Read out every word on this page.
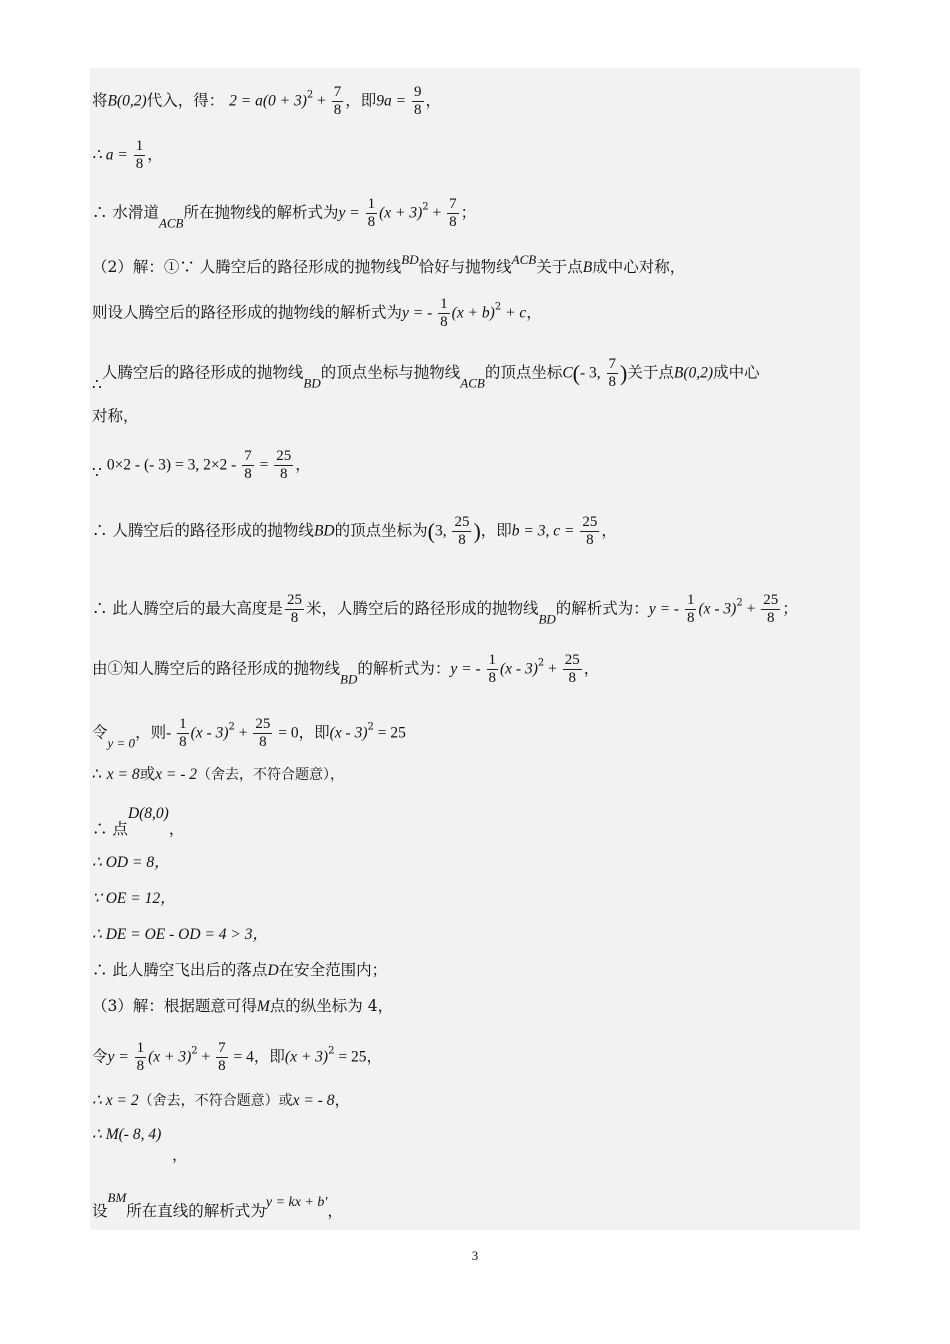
将B(0,2)代入，得： $2 = a(0 + 3)^2 + \frac{7}{8}$ ，即$9a = \frac{9}{8}$ ，
∴ $a = \frac{1}{8}$ ，
∴ 水滑道$_{ACB}$所在抛物线的解析式为$y = \frac{1}{8} (x + 3)^2 + \frac{7}{8}$ ；
（2）解：①∵ 人腾空后的路径形成的抛物线$^{BD}$恰好与抛物线$^{ACB}$关于点B成中心对称，
则设人腾空后的路径形成的抛物线的解析式为y = - $\frac{1}{8} (x + b)^2 + c$，
∴人腾空后的路径形成的抛物线$_{BD}$的顶点坐标与抛物线$_{ACB}$的顶点坐标C(- 3, $\frac{7}{8}$ )关于点B(0,2)成中心
对称，
∵ 0×2 - (- 3) = 3, $2\times 2 - \frac{7}{8} = \frac{25}{8}$ ，
∴ 人腾空后的路径形成的抛物线BD的顶点坐标为(3, $\frac{25}{8}$ )，即b = 3, $c = \frac{25}{8}$ ，
∴ 此人腾空后的最大高度是 $\frac{25}{8}$ 米，人腾空后的路径形成的抛物线$_{BD}$的解析式为：y = - $\frac{1}{8} (x - 3)^2 + \frac{25}{8}$ ；
由①知人腾空后的路径形成的抛物线$_{BD}$的解析式为：y = - $\frac{1}{8} (x - 3)^2 + \frac{25}{8}$ ，
令$_{y = 0}$，则- $\frac{1}{8} (x - 3)^2 + \frac{25}{8} = 0$，即(x - 3)$^2$ = 25
∴ x = 8或x = - 2（舍去，不符合题意），
∴ 点D(8,0)，
∴ OD = 8，
∵ OE = 12，
∴ DE = OE - OD = 4 > 3，
∴ 此人腾空飞出后的落点D在安全范围内；
（3）解：根据题意可得M点的纵坐标为 4，
令$y = \frac{1}{8} (x + 3)^2 + \frac{7}{8} = 4$，即$(x + 3)^2 = 25$，
∴ x = 2（舍去，不符合题意）或x = - 8，
∴ M(- 8, 4)
，
设$^{BM}$所在直线的解析式为y = kx + b′，
3
